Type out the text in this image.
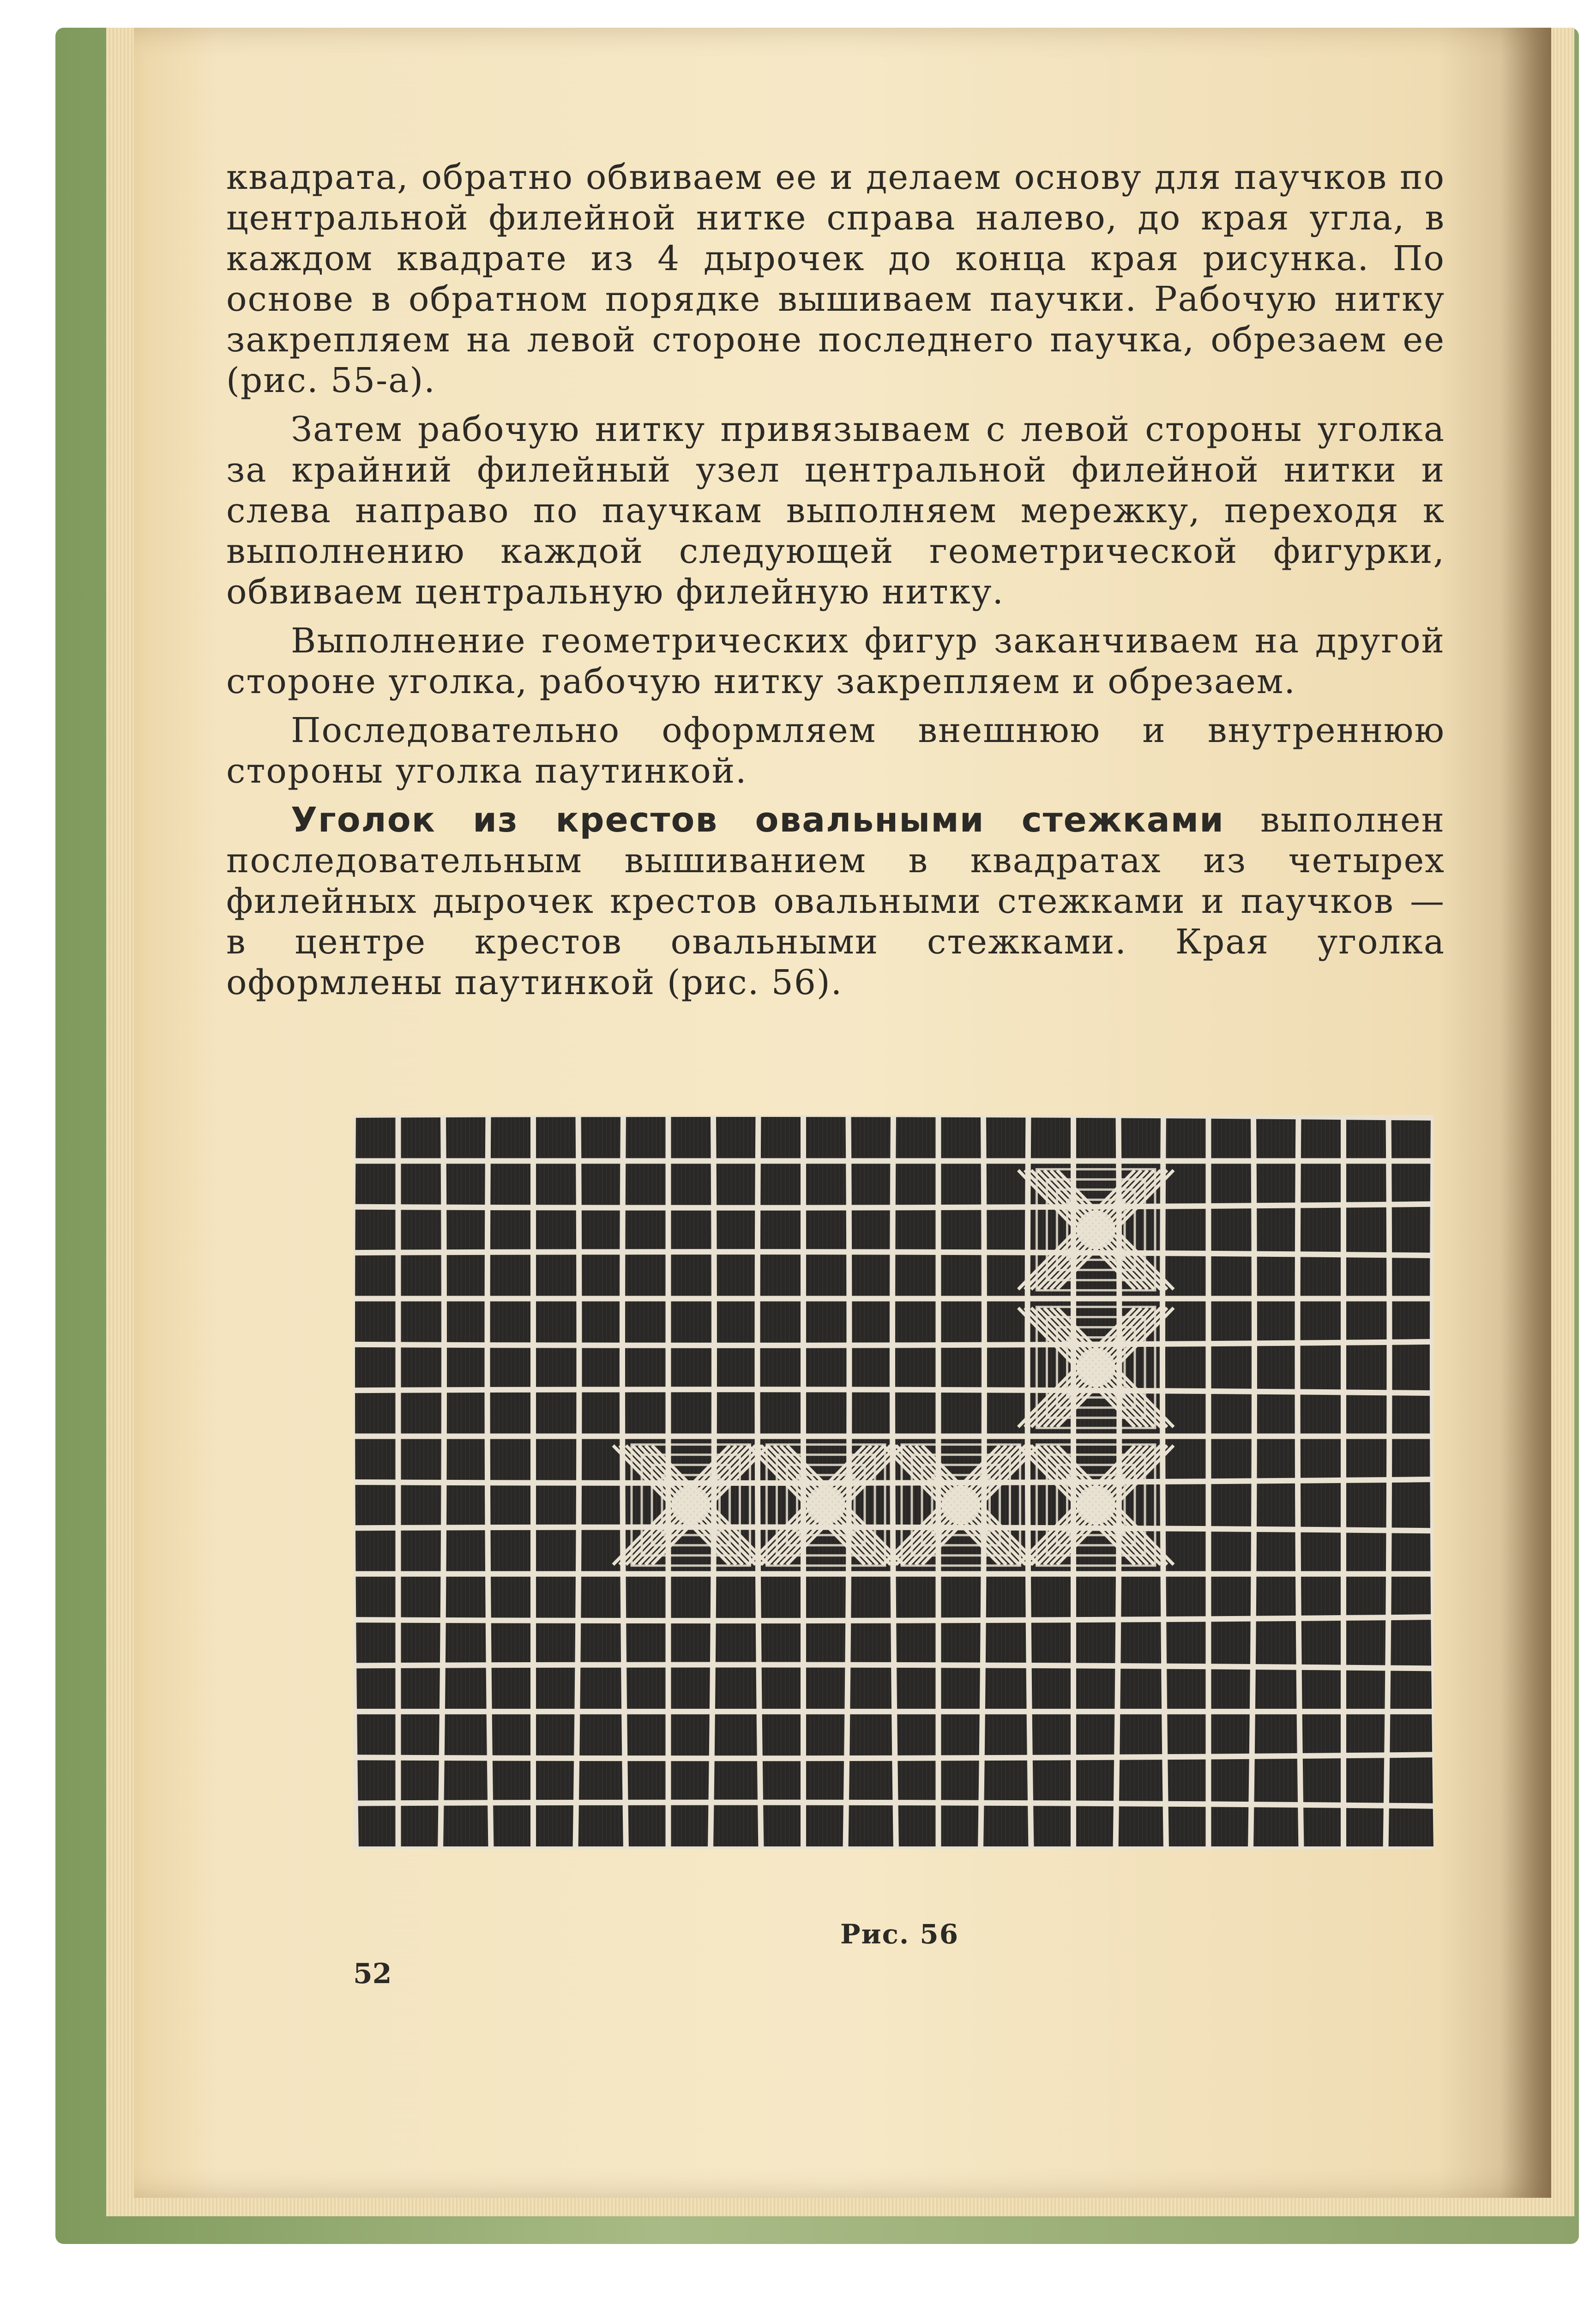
квадрата, обратно обвиваем ее и делаем основу для паучков по центральной филейной нитке справа налево, до края угла, в каждом квадрате из 4 дырочек до конца края рисунка. По основе в обратном порядке вышиваем паучки. Рабочую нитку закрепляем на левой стороне последнего паучка, обрезаем ее (рис. 55-а).

Затем рабочую нитку привязываем с левой стороны уголка за крайний филейный узел центральной филейной нитки и слева направо по паучкам выполняем мережку, переходя к выполнению каждой следующей геометрической фигурки, обвиваем центральную филейную нитку.

Выполнение геометрических фигур заканчиваем на другой стороне уголка, рабочую нитку закрепляем и обрезаем.

Последовательно оформляем внешнюю и внутреннюю стороны уголка паутинкой.

Уголок из крестов овальными стежками выполнен последовательным вышиванием в квадратах из четырех филейных дырочек крестов овальными стежками и паучков — в центре крестов овальными стежками. Края уголка оформлены паутинкой (рис. 56).

Рис. 56
52
